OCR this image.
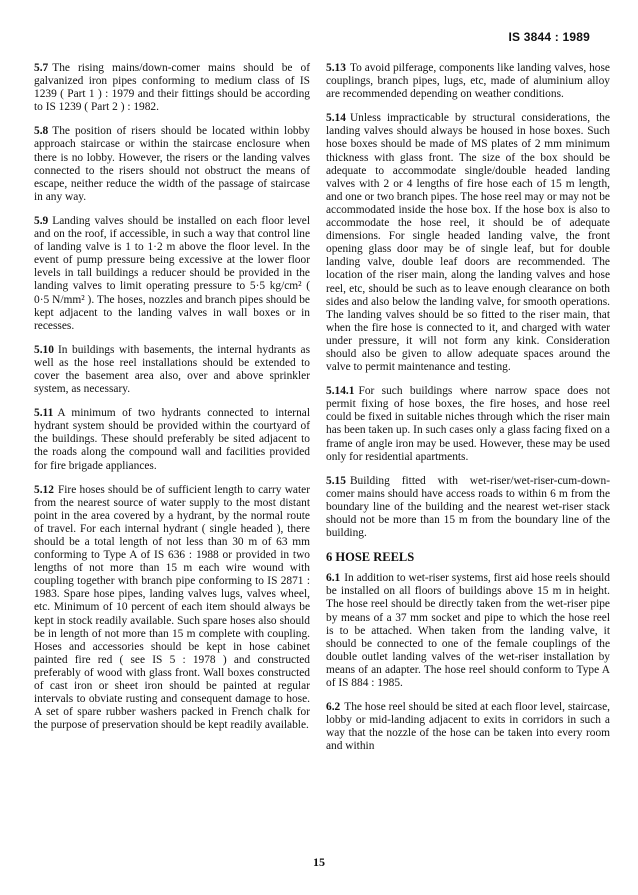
IS 3844 : 1989

5.7 The rising mains/down-comer mains should be of galvanized iron pipes conforming to medium class of IS 1239 ( Part 1 ) : 1979 and their fittings should be according to IS 1239 ( Part 2 ) : 1982.

5.8 The position of risers should be located within lobby approach staircase or within the staircase enclosure when there is no lobby. However, the risers or the landing valves connected to the risers should not obstruct the means of escape, neither reduce the width of the passage of staircase in any way.

5.9 Landing valves should be installed on each floor level and on the roof, if accessible, in such a way that control line of landing valve is 1 to 1·2 m above the floor level. In the event of pump pressure being excessive at the lower floor levels in tall buildings a reducer should be provided in the landing valves to limit operating pressure to 5·5 kg/cm² ( 0·5 N/mm² ). The hoses, nozzles and branch pipes should be kept adjacent to the landing valves in wall boxes or in recesses.

5.10 In buildings with basements, the internal hydrants as well as the hose reel installations should be extended to cover the basement area also, over and above sprinkler system, as necessary.

5.11 A minimum of two hydrants connected to internal hydrant system should be provided within the courtyard of the buildings. These should preferably be sited adjacent to the roads along the compound wall and facilities provided for fire brigade appliances.

5.12 Fire hoses should be of sufficient length to carry water from the nearest source of water supply to the most distant point in the area covered by a hydrant, by the normal route of travel. For each internal hydrant ( single headed ), there should be a total length of not less than 30 m of 63 mm conforming to Type A of IS 636 : 1988 or provided in two lengths of not more than 15 m each wire wound with coupling together with branch pipe conforming to IS 2871 : 1983. Spare hose pipes, landing valves lugs, valves wheel, etc. Minimum of 10 percent of each item should always be kept in stock readily available. Such spare hoses also should be in length of not more than 15 m complete with coupling. Hoses and accessories should be kept in hose cabinet painted fire red ( see IS 5 : 1978 ) and constructed preferably of wood with glass front. Wall boxes constructed of cast iron or sheet iron should be painted at regular intervals to obviate rusting and consequent damage to hose. A set of spare rubber washers packed in French chalk for the purpose of preservation should be kept readily available.

5.13 To avoid pilferage, components like landing valves, hose couplings, branch pipes, lugs, etc, made of aluminium alloy are recommended depending on weather conditions.

5.14 Unless impracticable by structural considerations, the landing valves should always be housed in hose boxes. Such hose boxes should be made of MS plates of 2 mm minimum thickness with glass front. The size of the box should be adequate to accommodate single/double headed landing valves with 2 or 4 lengths of fire hose each of 15 m length, and one or two branch pipes. The hose reel may or may not be accommodated inside the hose box. If the hose box is also to accommodate the hose reel, it should be of adequate dimensions. For single headed landing valve, the front opening glass door may be of single leaf, but for double landing valve, double leaf doors are recommended. The location of the riser main, along the landing valves and hose reel, etc, should be such as to leave enough clearance on both sides and also below the landing valve, for smooth operations. The landing valves should be so fitted to the riser main, that when the fire hose is connected to it, and charged with water under pressure, it will not form any kink. Consideration should also be given to allow adequate spaces around the valve to permit maintenance and testing.

5.14.1 For such buildings where narrow space does not permit fixing of hose boxes, the fire hoses, and hose reel could be fixed in suitable niches through which the riser main has been taken up. In such cases only a glass facing fixed on a frame of angle iron may be used. However, these may be used only for residential apartments.

5.15 Building fitted with wet-riser/wet-riser-cum-down-comer mains should have access roads to within 6 m from the boundary line of the building and the nearest wet-riser stack should not be more than 15 m from the boundary line of the building.

6 HOSE REELS

6.1 In addition to wet-riser systems, first aid hose reels should be installed on all floors of buildings above 15 m in height. The hose reel should be directly taken from the wet-riser pipe by means of a 37 mm socket and pipe to which the hose reel is to be attached. When taken from the landing valve, it should be connected to one of the female couplings of the double outlet landing valves of the wet-riser installation by means of an adapter. The hose reel should conform to Type A of IS 884 : 1985.

6.2 The hose reel should be sited at each floor level, staircase, lobby or mid-landing adjacent to exits in corridors in such a way that the nozzle of the hose can be taken into every room and within

15
